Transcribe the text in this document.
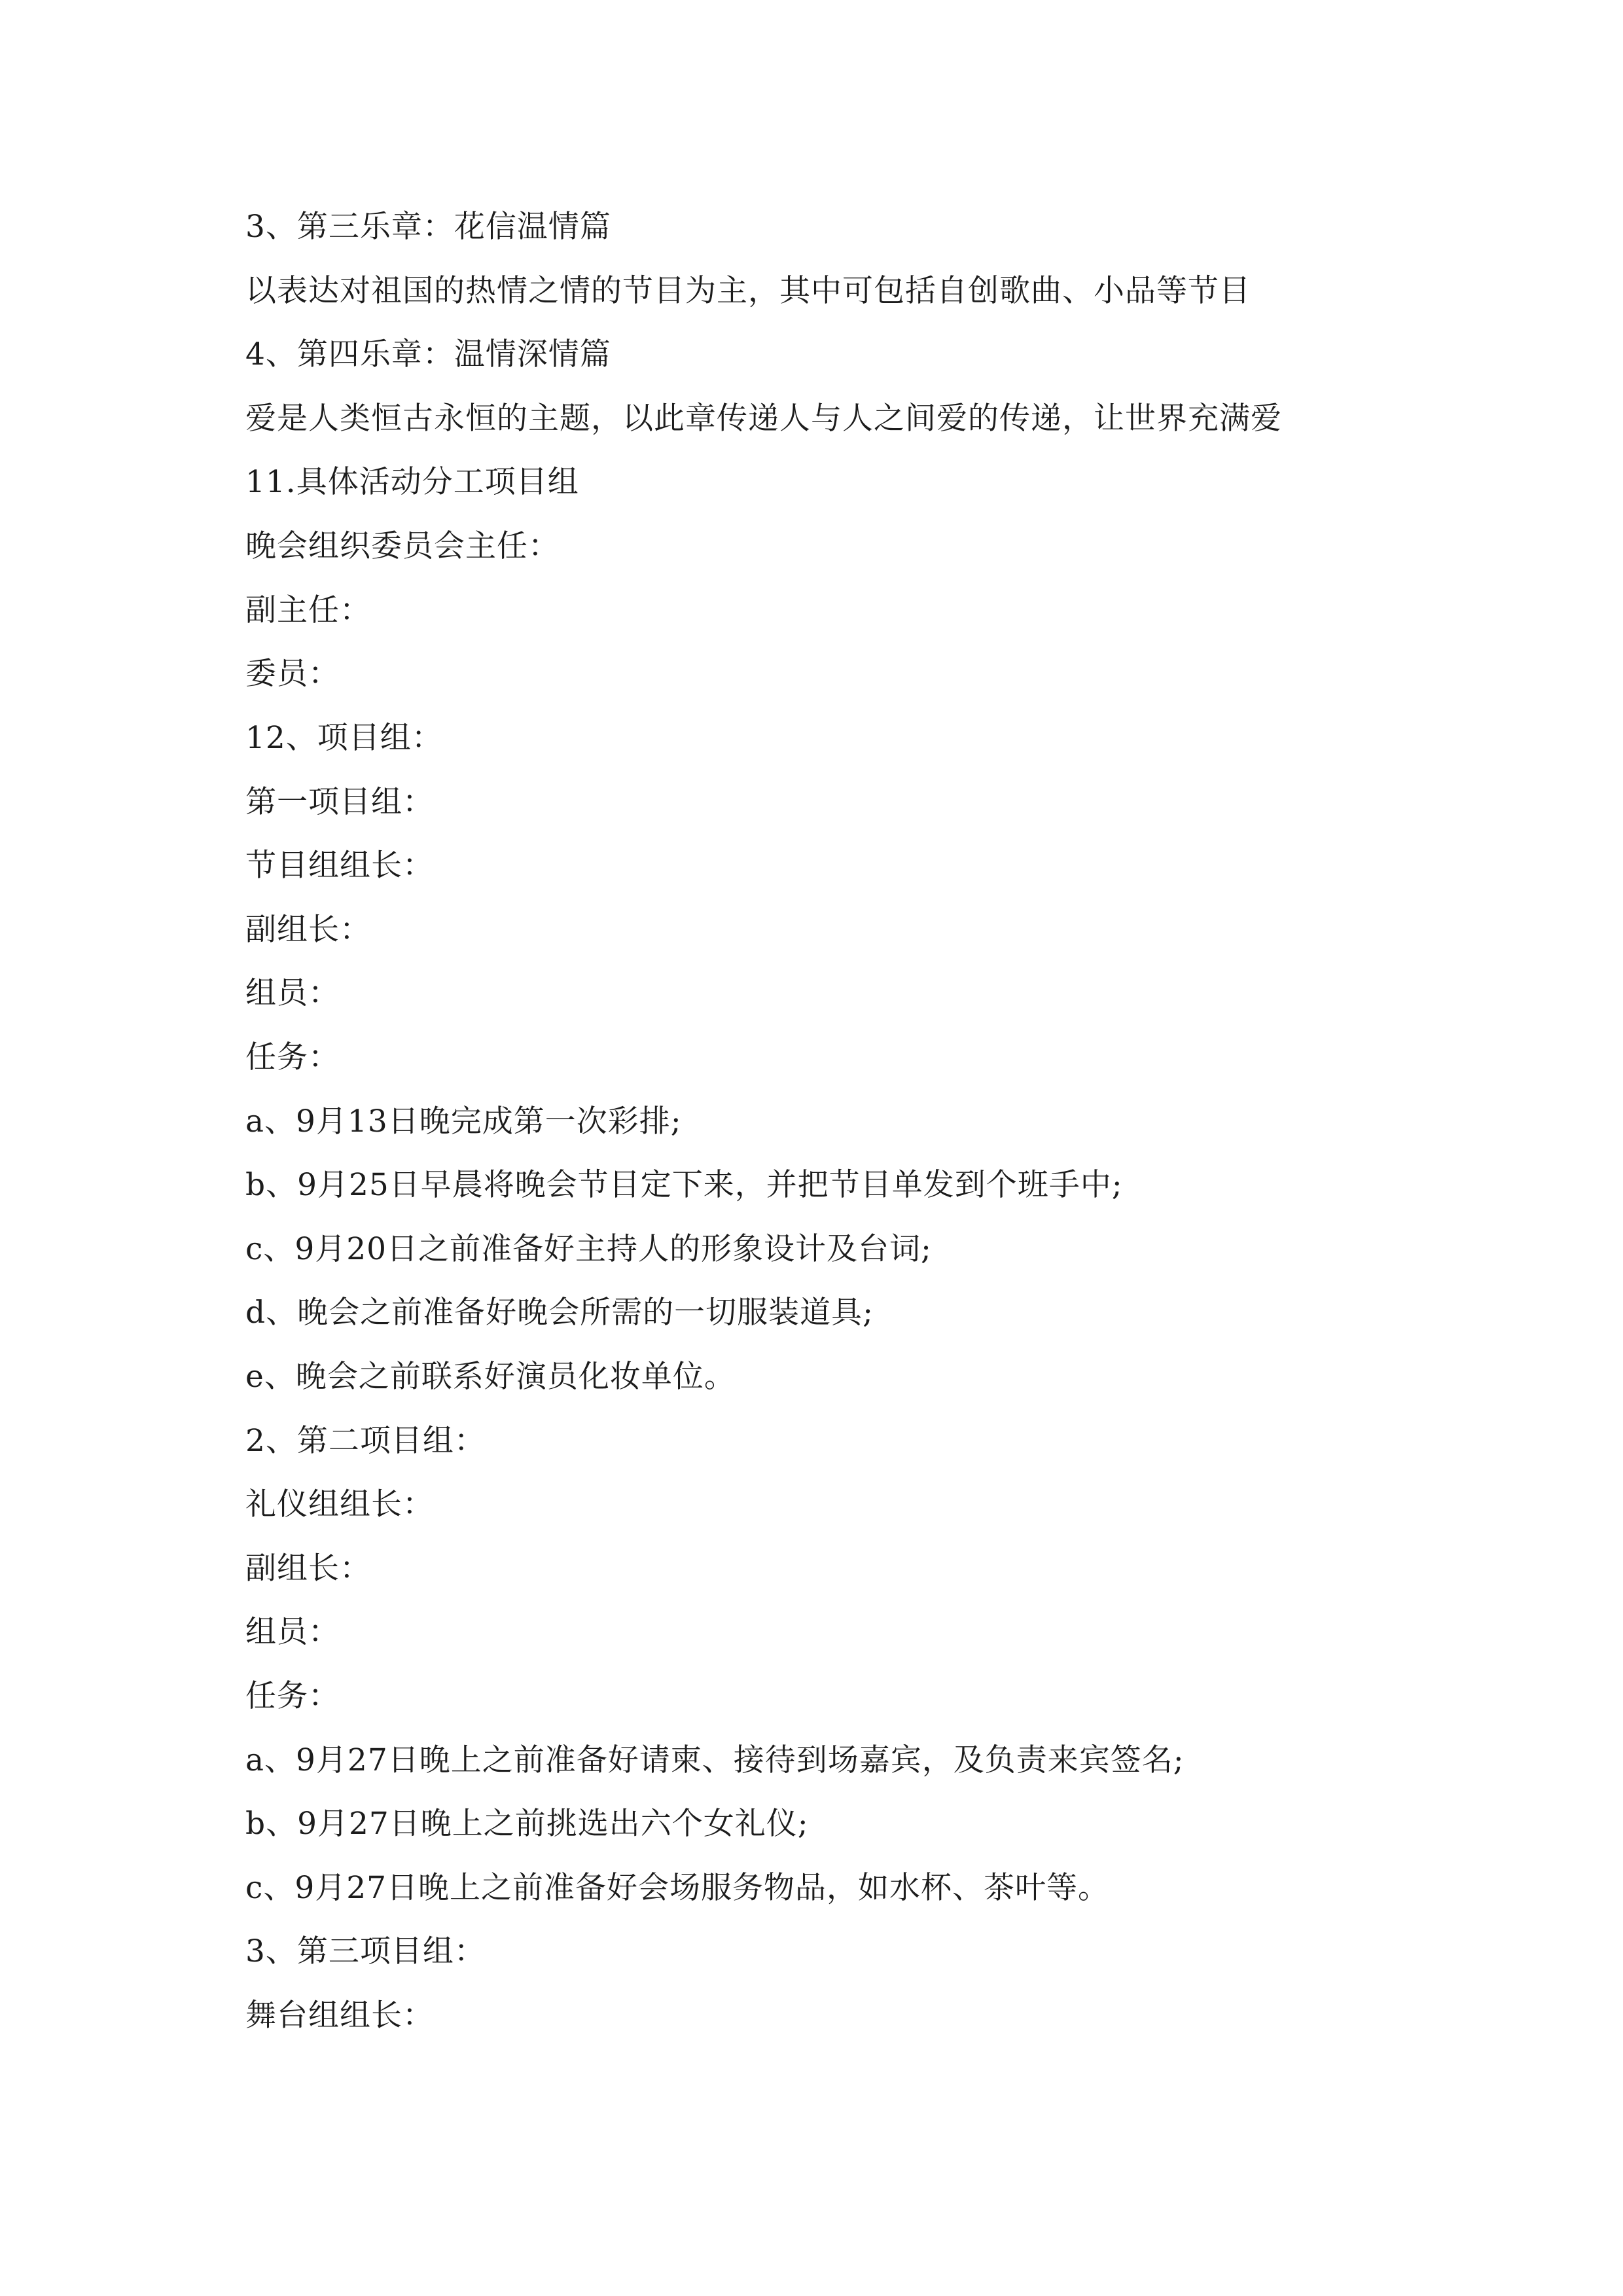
3、第三乐章：花信温情篇
以表达对祖国的热情之情的节目为主，其中可包括自创歌曲、小品等节目
4、第四乐章：温情深情篇
爱是人类恒古永恒的主题，以此章传递人与人之间爱的传递，让世界充满爱
11.具体活动分工项目组
晚会组织委员会主任：
副主任：
委员：
12、项目组：
第一项目组：
节目组组长：
副组长：
组员：
任务：
a、9月13日晚完成第一次彩排;
b、9月25日早晨将晚会节目定下来，并把节目单发到个班手中;
c、9月20日之前准备好主持人的形象设计及台词;
d、晚会之前准备好晚会所需的一切服装道具;
e、晚会之前联系好演员化妆单位。
2、第二项目组：
礼仪组组长：
副组长：
组员：
任务：
a、9月27日晚上之前准备好请柬、接待到场嘉宾，及负责来宾签名;
b、9月27日晚上之前挑选出六个女礼仪;
c、9月27日晚上之前准备好会场服务物品，如水杯、茶叶等。
3、第三项目组：
舞台组组长：
